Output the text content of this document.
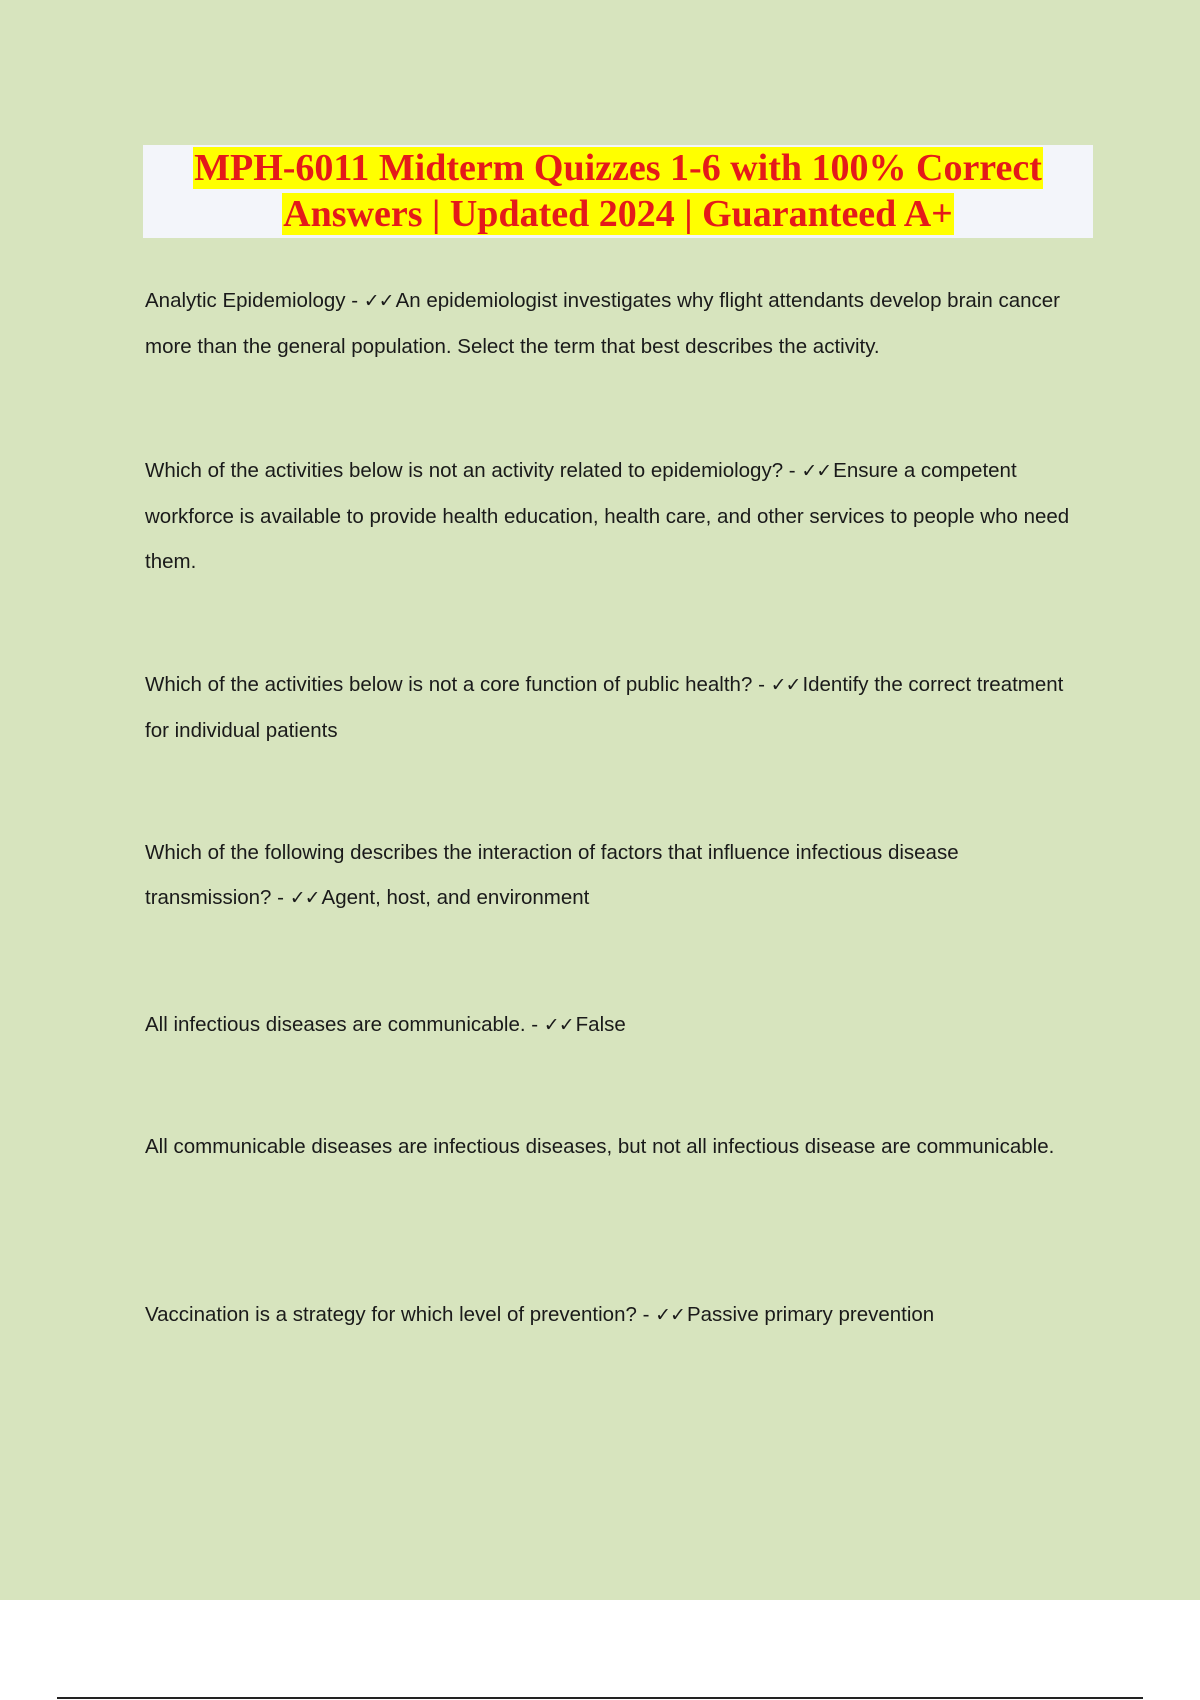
MPH-6011 Midterm Quizzes 1-6 with 100% Correct
Answers | Updated 2024 | Guaranteed A+

Analytic Epidemiology - ✓✓An epidemiologist investigates why flight attendants develop brain cancer more than the general population. Select the term that best describes the activity.

Which of the activities below is not an activity related to epidemiology? - ✓✓Ensure a competent workforce is available to provide health education, health care, and other services to people who need them.

Which of the activities below is not a core function of public health? - ✓✓Identify the correct treatment for individual patients

Which of the following describes the interaction of factors that influence infectious disease transmission? - ✓✓Agent, host, and environment

All infectious diseases are communicable. - ✓✓False

All communicable diseases are infectious diseases, but not all infectious disease are communicable.

Vaccination is a strategy for which level of prevention? - ✓✓Passive primary prevention
